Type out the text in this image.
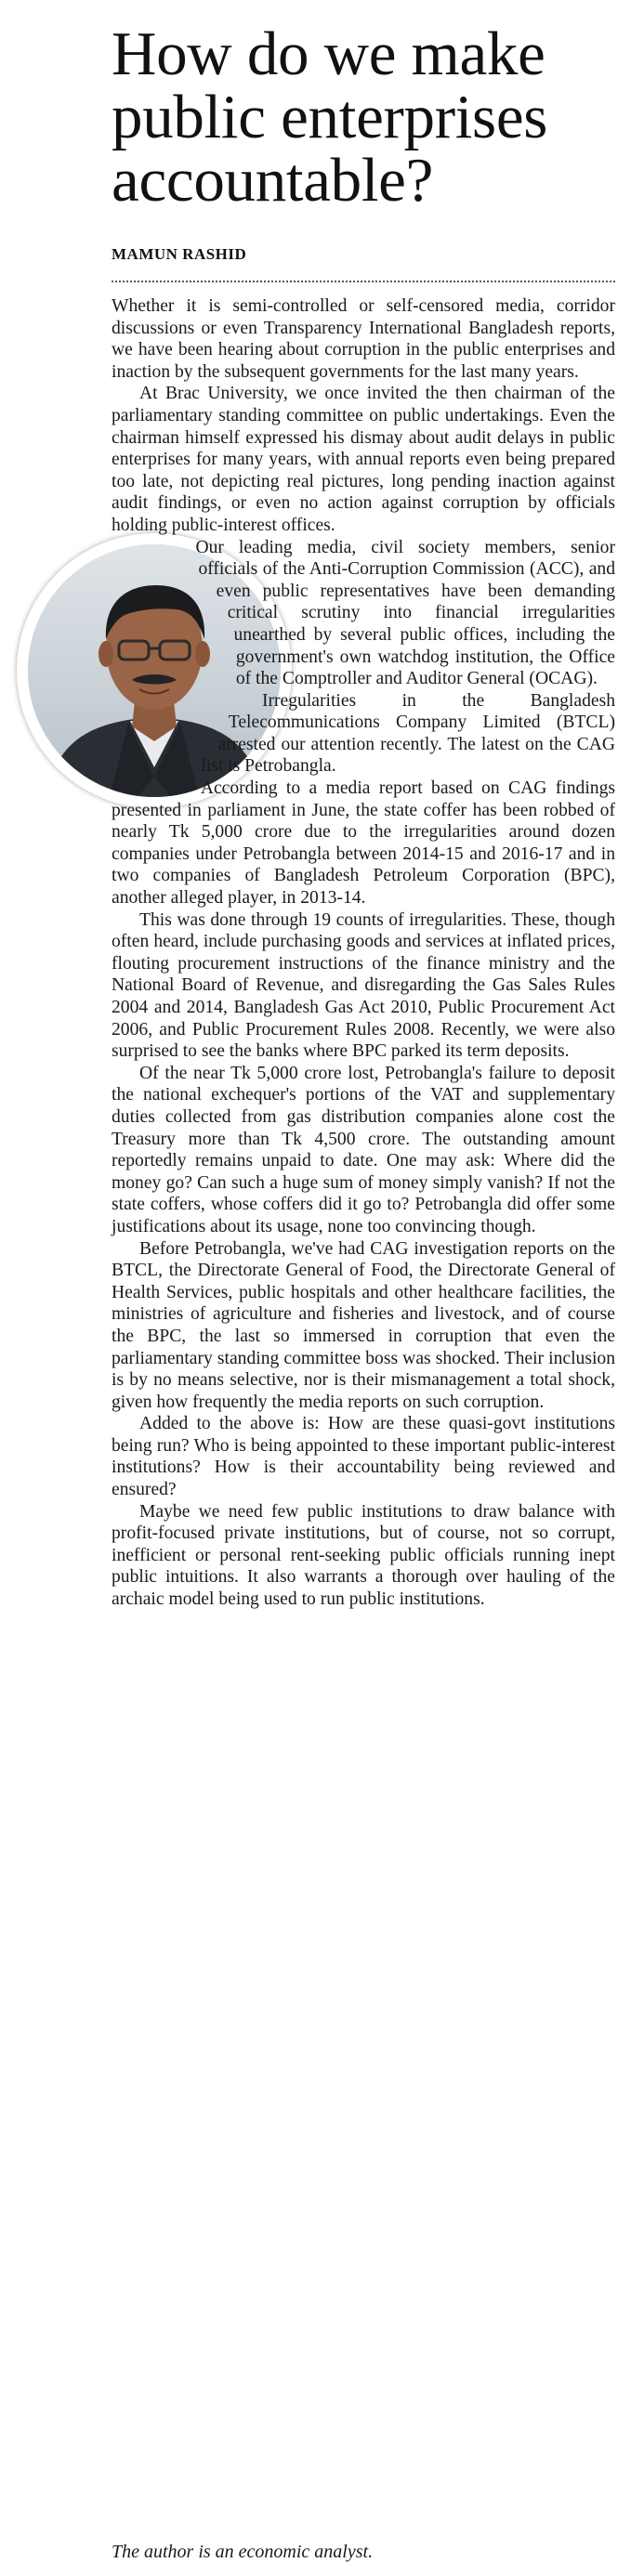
How do we make public enterprises accountable?
MAMUN RASHID

Whether it is semi-controlled or self-censored media, corridor discussions or even Transparency International Bangladesh reports, we have been hearing about corruption in the public enterprises and inaction by the subsequent governments for the last many years.

At Brac University, we once invited the then chairman of the parliamentary standing committee on public undertakings. Even the chairman himself expressed his dismay about audit delays in public enterprises for many years, with annual reports even being prepared too late, not depicting real pictures, long pending inaction against audit findings, or even no action against corruption by officials holding public-interest offices.

Our leading media, civil society members, senior officials of the Anti-Corruption Commission (ACC), and even public representatives have been demanding critical scrutiny into financial irregularities unearthed by several public offices, including the government's own watchdog institution, the Office of the Comptroller and Auditor General (OCAG).

Irregularities in the Bangladesh Telecommunications Company Limited (BTCL) arrested our attention recently. The latest on the CAG list is Petrobangla.

According to a media report based on CAG findings presented in parliament in June, the state coffer has been robbed of nearly Tk 5,000 crore due to the irregularities around dozen companies under Petrobangla between 2014-15 and 2016-17 and in two companies of Bangladesh Petroleum Corporation (BPC), another alleged player, in 2013-14.

This was done through 19 counts of irregularities. These, though often heard, include purchasing goods and services at inflated prices, flouting procurement instructions of the finance ministry and the National Board of Revenue, and disregarding the Gas Sales Rules 2004 and 2014, Bangladesh Gas Act 2010, Public Procurement Act 2006, and Public Procurement Rules 2008. Recently, we were also surprised to see the banks where BPC parked its term deposits.

Of the near Tk 5,000 crore lost, Petrobangla's failure to deposit the national exchequer's portions of the VAT and supplementary duties collected from gas distribution companies alone cost the Treasury more than Tk 4,500 crore. The outstanding amount reportedly remains unpaid to date. One may ask: Where did the money go? Can such a huge sum of money simply vanish? If not the state coffers, whose coffers did it go to? Petrobangla did offer some justifications about its usage, none too convincing though.

Before Petrobangla, we've had CAG investigation reports on the BTCL, the Directorate General of Food, the Directorate General of Health Services, public hospitals and other healthcare facilities, the ministries of agriculture and fisheries and livestock, and of course the BPC, the last so immersed in corruption that even the parliamentary standing committee boss was shocked. Their inclusion is by no means selective, nor is their mismanagement a total shock, given how frequently the media reports on such corruption.

Added to the above is: How are these quasi-govt institutions being run? Who is being appointed to these important public-interest institutions? How is their accountability being reviewed and ensured?

Maybe we need few public institutions to draw balance with profit-focused private institutions, but of course, not so corrupt, inefficient or personal rent-seeking public officials running inept public intuitions. It also warrants a thorough over hauling of the archaic model being used to run public institutions.

The author is an economic analyst.
